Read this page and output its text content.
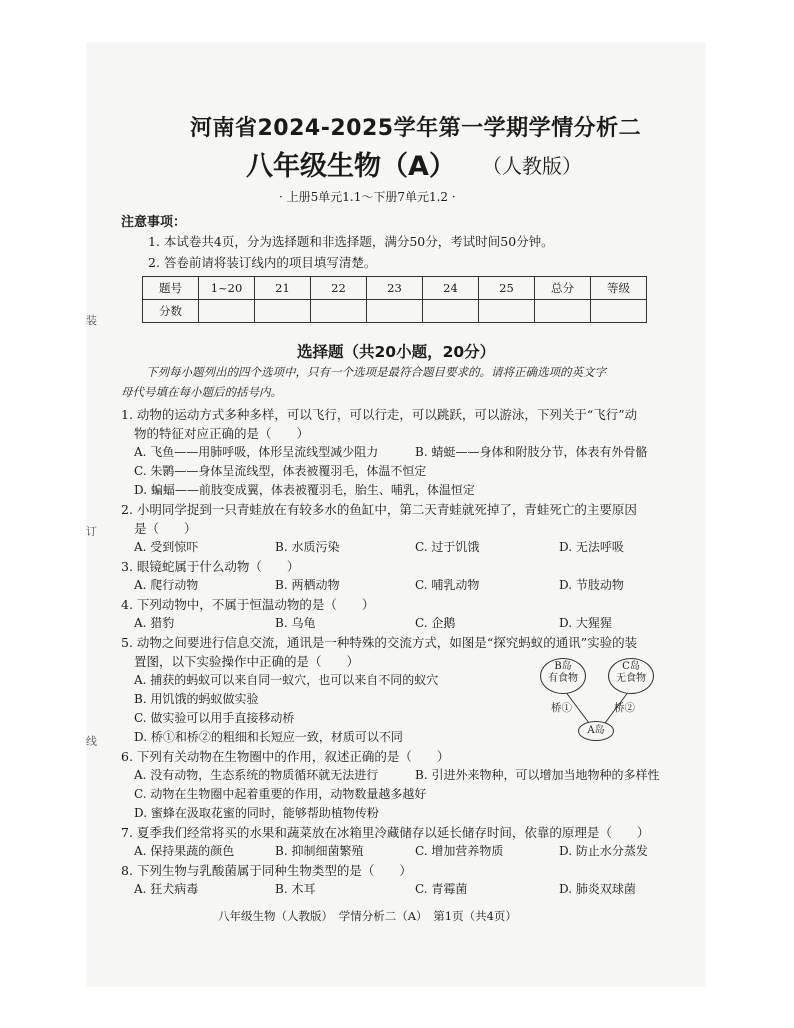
装
订
线
河南省2024-2025学年第一学期学情分析二
八年级生物（A） （人教版）
· 上册5单元1.1～下册7单元1.2 ·
注意事项：
1. 本试卷共4页，分为选择题和非选择题，满分50分，考试时间50分钟。
2. 答卷前请将装订线内的项目填写清楚。
题号	1~20	21	22	23	24	25	总分	等级
分数								
选择题（共20小题，20分）
下列每小题列出的四个选项中，只有一个选项是最符合题目要求的。请将正确选项的英文字
母代号填在每小题后的括号内。
1. 动物的运动方式多种多样，可以飞行，可以行走，可以跳跃，可以游泳，下列关于“飞行”动
物的特征对应正确的是（　　）
A. 飞鱼——用肺呼吸，体形呈流线型减少阻力	B. 蜻蜓——身体和附肢分节，体表有外骨骼
C. 朱鹮——身体呈流线型，体表被覆羽毛，体温不恒定
D. 蝙蝠——前肢变成翼，体表被覆羽毛，胎生、哺乳，体温恒定
2. 小明同学捉到一只青蛙放在有较多水的鱼缸中，第二天青蛙就死掉了，青蛙死亡的主要原因
是（　　）
A. 受到惊吓	B. 水质污染	C. 过于饥饿	D. 无法呼吸
3. 眼镜蛇属于什么动物（　　）
A. 爬行动物	B. 两栖动物	C. 哺乳动物	D. 节肢动物
4. 下列动物中，不属于恒温动物的是（　　）
A. 猎豹	B. 乌龟	C. 企鹅	D. 大猩猩
5. 动物之间要进行信息交流，通讯是一种特殊的交流方式，如图是“探究蚂蚁的通讯”实验的装
置图，以下实验操作中正确的是（　　）
A. 捕获的蚂蚁可以来自同一蚁穴，也可以来自不同的蚁穴
B. 用饥饿的蚂蚁做实验
C. 做实验可以用手直接移动桥
D. 桥①和桥②的粗细和长短应一致，材质可以不同
B岛
有食物
C岛
无食物
A岛
桥①	桥②
6. 下列有关动物在生物圈中的作用，叙述正确的是（　　）
A. 没有动物，生态系统的物质循环就无法进行	B. 引进外来物种，可以增加当地物种的多样性
C. 动物在生物圈中起着重要的作用，动物数量越多越好
D. 蜜蜂在汲取花蜜的同时，能够帮助植物传粉
7. 夏季我们经常将买的水果和蔬菜放在冰箱里冷藏储存以延长储存时间，依靠的原理是（　　）
A. 保持果蔬的颜色	B. 抑制细菌繁殖	C. 增加营养物质	D. 防止水分蒸发
8. 下列生物与乳酸菌属于同种生物类型的是（　　）
A. 狂犬病毒	B. 木耳	C. 青霉菌	D. 肺炎双球菌
八年级生物（人教版）　学情分析二（A）　第1页（共4页）
